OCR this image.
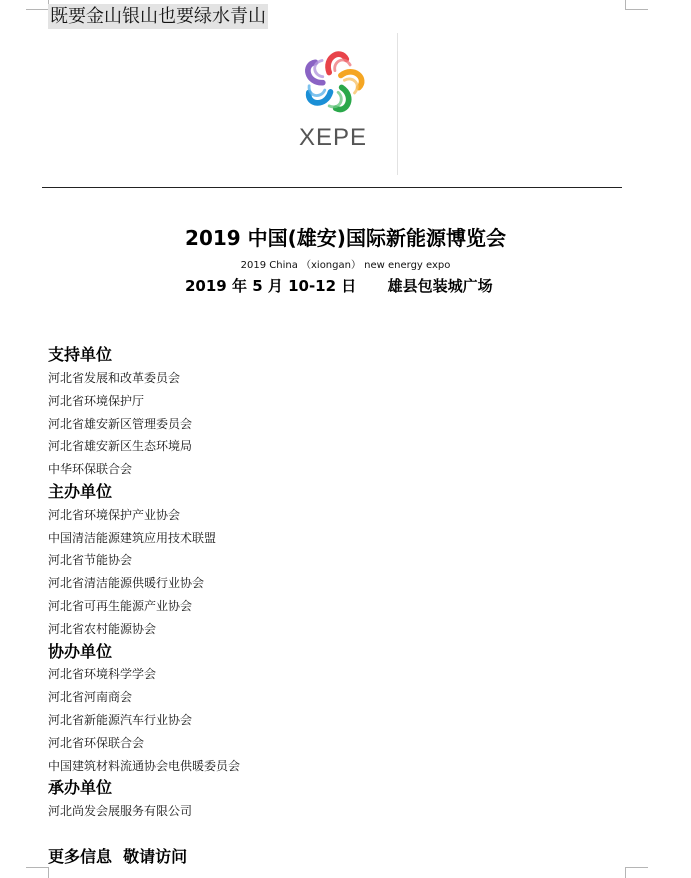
既要金山银山也要绿水青山
XEPE
2019 中国(雄安)国际新能源博览会
2019 China （xiongan） new energy expo
2019 年 5 月 10-12 日 雄县包装城广场
支持单位
河北省发展和改革委员会
河北省环境保护厅
河北省雄安新区管理委员会
河北省雄安新区生态环境局
中华环保联合会
主办单位
河北省环境保护产业协会
中国清洁能源建筑应用技术联盟
河北省节能协会
河北省清洁能源供暖行业协会
河北省可再生能源产业协会
河北省农村能源协会
协办单位
河北省环境科学学会
河北省河南商会
河北省新能源汽车行业协会
河北省环保联合会
中国建筑材料流通协会电供暖委员会
承办单位
河北尚发会展服务有限公司
更多信息  敬请访问
